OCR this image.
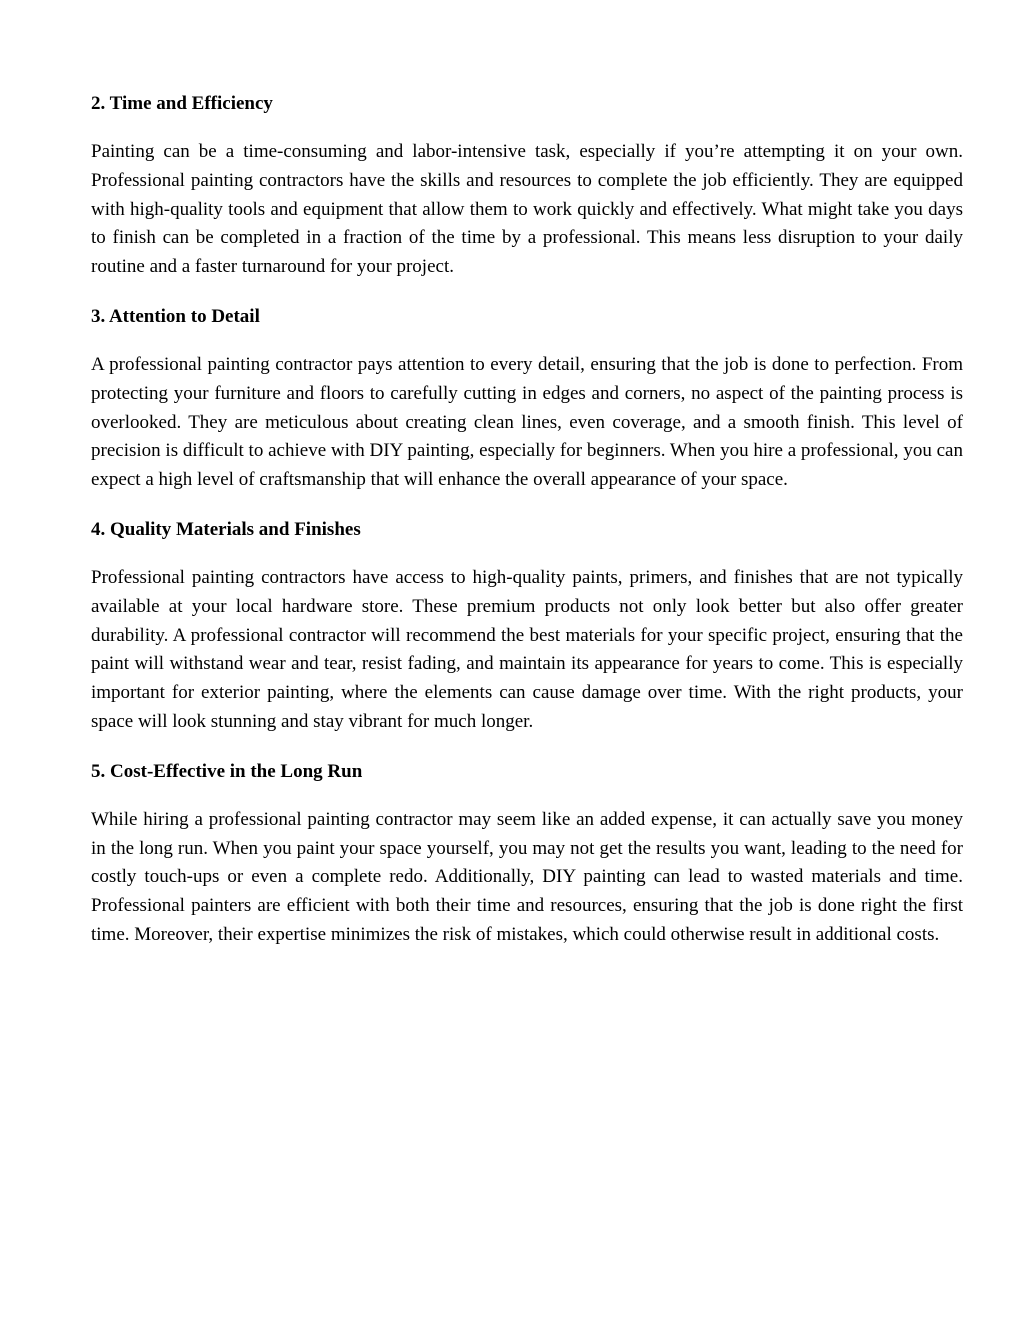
2. Time and Efficiency

Painting can be a time-consuming and labor-intensive task, especially if you’re attempting it on your own. Professional painting contractors have the skills and resources to complete the job efficiently. They are equipped with high-quality tools and equipment that allow them to work quickly and effectively. What might take you days to finish can be completed in a fraction of the time by a professional. This means less disruption to your daily routine and a faster turnaround for your project.

3. Attention to Detail

A professional painting contractor pays attention to every detail, ensuring that the job is done to perfection. From protecting your furniture and floors to carefully cutting in edges and corners, no aspect of the painting process is overlooked. They are meticulous about creating clean lines, even coverage, and a smooth finish. This level of precision is difficult to achieve with DIY painting, especially for beginners. When you hire a professional, you can expect a high level of craftsmanship that will enhance the overall appearance of your space.

4. Quality Materials and Finishes

Professional painting contractors have access to high-quality paints, primers, and finishes that are not typically available at your local hardware store. These premium products not only look better but also offer greater durability. A professional contractor will recommend the best materials for your specific project, ensuring that the paint will withstand wear and tear, resist fading, and maintain its appearance for years to come. This is especially important for exterior painting, where the elements can cause damage over time. With the right products, your space will look stunning and stay vibrant for much longer.

5. Cost-Effective in the Long Run

While hiring a professional painting contractor may seem like an added expense, it can actually save you money in the long run. When you paint your space yourself, you may not get the results you want, leading to the need for costly touch-ups or even a complete redo. Additionally, DIY painting can lead to wasted materials and time. Professional painters are efficient with both their time and resources, ensuring that the job is done right the first time. Moreover, their expertise minimizes the risk of mistakes, which could otherwise result in additional costs.
